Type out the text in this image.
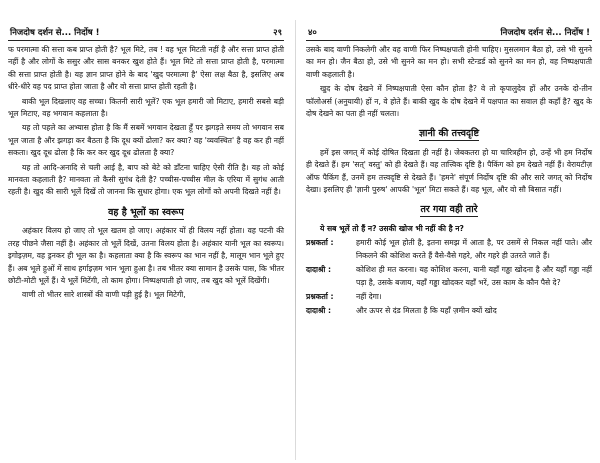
निजदोष दर्शन से... निर्दोष !	२९

फ परमात्मा की सत्ता कब प्राप्त होती है? भूल मिटे, तब ! वह भूल मिटती नहीं है और सत्ता प्राप्त होती नहीं है और लोगों के ससुर और सास बनकर खुश होते हैं। भूल मिटे तो सत्ता प्राप्त होती है, परमात्मा की सत्ता प्राप्त होती है। यह ज्ञान प्राप्त होने के बाद 'खुद परमात्मा है' ऐसा लक्ष बैठा है, इसलिए अब धीरे-धीरे वह पद प्राप्त होता जाता है और वो सत्ता प्राप्त होती रहती है।

बाकी भूल दिखलाए वह सच्चा। कितनी सारी भूलें? एक भूल हमारी जो मिटाए, हमारी सबसे बड़ी भूल मिटाए, वह भगवान कहलाता है।

यह तो पहले का अभ्यास होता है कि मैं सबमें भगवान देखता हूँ पर झगड़ते समय तो भगवान सब भूल जाता है और झगड़ा कर बैठता है कि दूध क्यों ढोला? कर क्या? वह 'व्यवस्थित' है वह कर ही नहीं सकता। खुद दूध ढोला है कि कर कर खुद दूध ढोलता है क्या?

यह तो आदि-अनादि से चली आई है, बाप को बेटे को डाँटना चाहिए ऐसी रीति है। यह तो कोई मानवता कहलाती है? मानवता तो कैसी सुगंध देती है? पच्चीस-पच्चीस मील के एरिया में सुगंध आती रहती है। खुद की सारी भूलें दिखें तो जानना कि सुधार होगा। एक भूल लोगों को अपनी दिखते नहीं है।

वह है भूलों का स्वरूप

अहंकार विलय हो जाए तो भूल खतम हो जाए। अहंकार यों ही विलय नहीं होता। वह पटनी की तरह पीछने जैसा नहीं है। अहंकार तो भूलें दिखें, उतना विलय होता है। अहंकार यानी भूल का स्वरूप। इगोइज़म, वह ड्रनकर ही भूल का है। कहलाता क्या है कि स्वरूप का भान नहीं है, मालूम भान भूले हुए हैं। अब भूले हुओं में साथ हर्गाइज़म भान भूला हुआ है। तब भीतर क्या सामान है उसके पास, कि भीतर छोटी-मोटी भूलें हैं। ये भूलें मिटेंगी, तो काम होगा। निष्पक्षपाती हो जाए, तब खुद को भूलें दिखेंगी।

वाणी तो भीतर सारे शास्त्रों की वाणी पड़ी हुई है। भूल मिटेगी,

४०	निजदोष दर्शन से... निर्दोष !

उसके बाद वाणी निकलेगी और वह वाणी फिर निष्पक्षपाती होनी चाहिए। मुसलमान बैठा हो, उसे भी सुनने का मन हो। जैन बैठा हो, उसे भी सुनने का मन हो। सभी स्टेन्डर्ड को सुनने का मन हो, वह निष्पक्षपाती वाणी कहलाती है।

खुद के दोष देखने में निष्पक्षपाती ऐसा कौन होता है? वे तो कृपालुदेव हों और उनके दो-तीन फॉलोअर्स (अनुयायी) हों न, वे होते हैं। बाकी खुद के दोष देखने में पक्षपात का सवाल ही कहाँ है? खुद के दोष देखने का पता ही नहीं चलता।

ज्ञानी की तत्त्वदृष्टि

हमें इस जगत् में कोई दोषित दिखता ही नहीं है। जेबकतरा हो या चारित्रहीन हो, उन्हें भी हम निर्दोष ही देखते हैं। हम 'सत्' वस्तु' को ही देखते हैं। वह तात्त्विक दृष्टि है। पैकिंग को हम देखते नहीं हैं। वेरायटीज़ ऑफ पैकिंग हैं, उनमें हम तत्त्वदृष्टि से देखते हैं। 'हमने' संपूर्ण निर्दोष दृष्टि की और सारे जगत् को निर्दोष देखा। इसलिए ही 'ज्ञानी पुरुष' आपकी 'भूल' मिटा सकते हैं। वह भूल, और वो सौ बिसात नहीं।

तर गया वही तारे

ये सब भूलें तो हैं न? उसकी खोज भी नहीं की है न?

प्रश्नकर्ता :	हमारी कोई भूल होती है, इतना समझ में आता है, पर उसमें से निकल नहीं पाते। और निकलने की कोशिश करते हैं वैसे-वैसे गहरे, और गहरे ही उतरते जाते हैं।

दादाश्री :	कोशिश ही मत करना। यह कोशिश करना, यानी यहाँ गड्ढा खोदना है और यहाँ गड्ढा नहीं पड़ा है, उसके बजाय, यहाँ गड्ढा खोदकर यहाँ भरें, उस काम के कौन पैसे दे?

प्रश्नकर्ता :	नहीं देगा।

दादाश्री :	और ऊपर से दंड मिलता है कि यहाँ ज़मीन क्यों खोद
